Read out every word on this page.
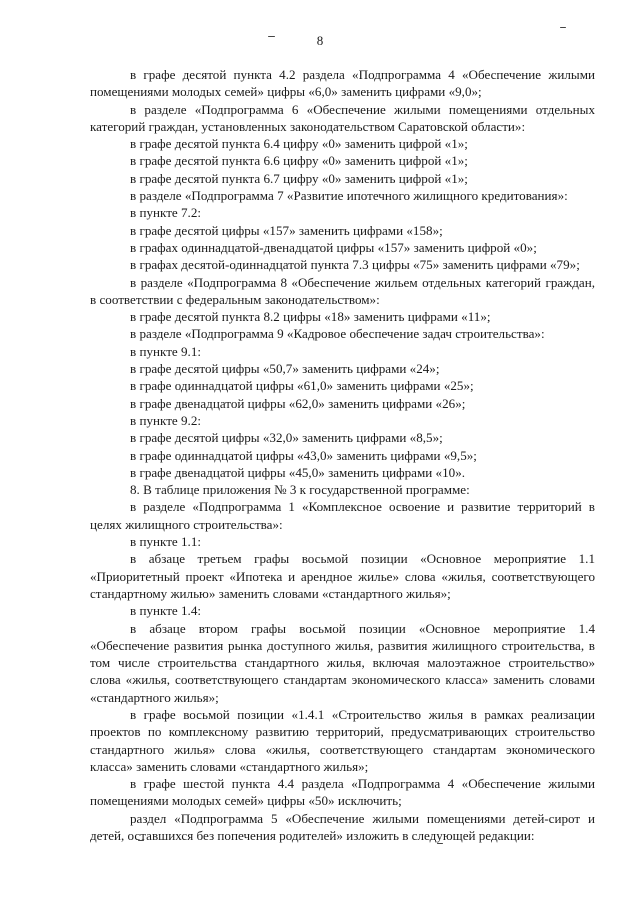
8

в графе десятой пункта 4.2 раздела «Подпрограмма 4 «Обеспечение жилыми помещениями молодых семей» цифры «6,0» заменить цифрами «9,0»;

в разделе «Подпрограмма 6 «Обеспечение жилыми помещениями отдельных категорий граждан, установленных законодательством Саратовской области»:

в графе десятой пункта 6.4 цифру «0» заменить цифрой «1»;

в графе десятой пункта 6.6 цифру «0» заменить цифрой «1»;

в графе десятой пункта 6.7 цифру «0» заменить цифрой «1»;

в разделе «Подпрограмма 7 «Развитие ипотечного жилищного кредитования»:

в пункте 7.2:

в графе десятой цифры «157» заменить цифрами «158»;

в графах одиннадцатой-двенадцатой цифры «157» заменить цифрой «0»;

в графах десятой-одиннадцатой пункта 7.3 цифры «75» заменить цифрами «79»;

в разделе «Подпрограмма 8 «Обеспечение жильем отдельных категорий граждан, в соответствии с федеральным законодательством»:

в графе десятой пункта 8.2 цифры «18» заменить цифрами «11»;

в разделе «Подпрограмма 9 «Кадровое обеспечение задач строительства»:

в пункте 9.1:

в графе десятой цифры «50,7» заменить цифрами «24»;

в графе одиннадцатой цифры «61,0» заменить цифрами «25»;

в графе двенадцатой цифры «62,0» заменить цифрами «26»;

в пункте 9.2:

в графе десятой цифры «32,0» заменить цифрами «8,5»;

в графе одиннадцатой цифры «43,0» заменить цифрами «9,5»;

в графе двенадцатой цифры «45,0» заменить цифрами «10».

8. В таблице приложения № 3 к государственной программе:

в разделе «Подпрограмма 1 «Комплексное освоение и развитие территорий в целях жилищного строительства»:

в пункте 1.1:

в абзаце третьем графы восьмой позиции «Основное мероприятие 1.1 «Приоритетный проект «Ипотека и арендное жилье» слова «жилья, соответствующего стандартному жилью» заменить словами «стандартного жилья»;

в пункте 1.4:

в абзаце втором графы восьмой позиции «Основное мероприятие 1.4 «Обеспечение развития рынка доступного жилья, развития жилищного строительства, в том числе строительства стандартного жилья, включая малоэтажное строительство» слова «жилья, соответствующего стандартам экономического класса» заменить словами «стандартного жилья»;

в графе восьмой позиции «1.4.1 «Строительство жилья в рамках реализации проектов по комплексному развитию территорий, предусматривающих строительство стандартного жилья» слова «жилья, соответствующего стандартам экономического класса» заменить словами «стандартного жилья»;

в графе шестой пункта 4.4 раздела «Подпрограмма 4 «Обеспечение жилыми помещениями молодых семей» цифры «50» исключить;

раздел «Подпрограмма 5 «Обеспечение жилыми помещениями детей-сирот и детей, оставшихся без попечения родителей» изложить в следующей редакции:
